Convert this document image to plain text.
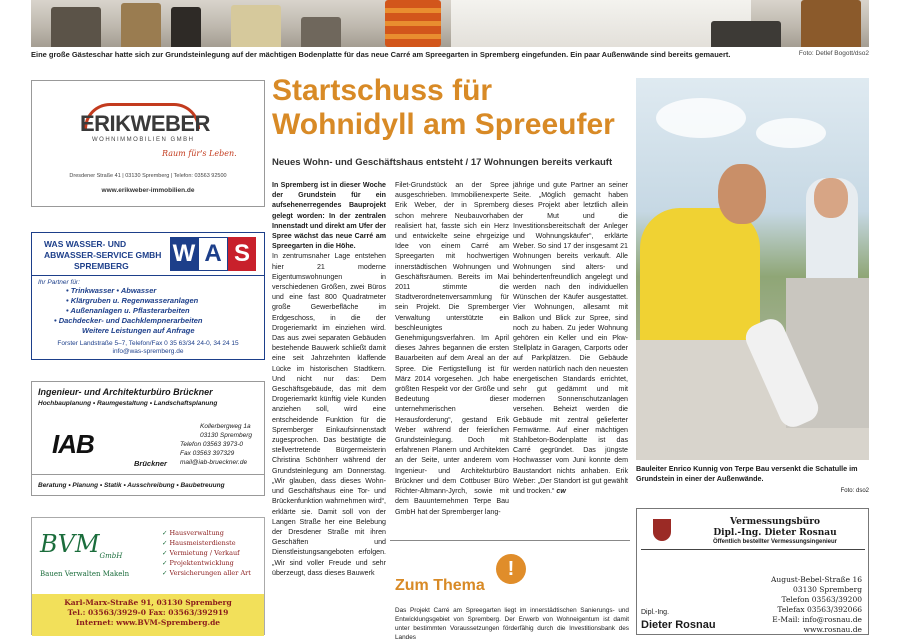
Eine große Gästeschar hatte sich zur Grundsteinlegung auf der mächtigen Bodenplatte für das neue Carré am Spreegarten in Spremberg eingefunden. Ein paar Außenwände sind bereits gemauert.	Foto: Detlef Bogott/dso2
ERIKWEBER
WOHNIMMOBILIEN GMBH
Raum für's Leben.
Dresdener Straße 41 | 03130 Spremberg | Telefon: 03563 92500
www.erikweber-immobilien.de
WAS WASSER- UND
ABWASSER-SERVICE GMBH
SPREMBERG	W A S
Ihr Partner für:
• Trinkwasser • Abwasser
• Klärgruben u. Regenwasseranlagen
• Außenanlagen u. Pflasterarbeiten
• Dachdecker- und Dachklempnerarbeiten
Weitere Leistungen auf Anfrage
Forster Landstraße 5–7, Telefon/Fax 0 35 63/34 24-0, 34 24 15
info@was-spremberg.de
Ingenieur- und Architekturbüro Brückner
Hochbauplanung • Raumgestaltung • Landschaftsplanung
IAB
Brückner
Kollerbergweg 1a
03130 Spremberg
Telefon 03563 3973-0
Fax 03563 397329
mail@iab-brueckner.de
Beratung • Planung • Statik • Ausschreibung • Baubetreuung
$BVM_{GmbH}$
Bauen Verwalten Makeln
✓ Hausverwaltung
✓ Hausmeisterdienste
✓ Vermietung / Verkauf
✓ Projektentwicklung
✓ Versicherungen aller Art
Karl-Marx-Straße 91, 03130 Spremberg
Tel.: 03563/3929-0 Fax: 03563/392919
Internet: www.BVM-Spremberg.de
Startschuss für
Wohnidyll am Spreeufer
Neues Wohn- und Geschäftshaus entsteht / 17 Wohnungen bereits verkauft

In Spremberg ist in dieser Woche der Grundstein für ein aufsehenerregendes Bauprojekt gelegt worden: In der zentralen Innenstadt und direkt am Ufer der Spree wächst das neue Carré am Spreegarten in die Höhe.

In zentrumsnaher Lage entstehen hier 21 moderne Eigentumswohnungen in verschiedenen Größen, zwei Büros und eine fast 800 Quadratmeter große Gewerbefläche im Erdgeschoss, in die der Drogeriemarkt im einziehen wird. Das aus zwei separaten Gebäuden bestehende Bauwerk schließt damit eine seit Jahrzehnten klaffende Lücke im historischen Stadtkern. Und nicht nur das: Dem Geschäftsgebäude, das mit dem Drogeriemarkt künftig viele Kunden anziehen soll, wird eine entscheidende Funktion für die Spremberger Einkaufsinnenstadt zugesprochen. Das bestätigte die stellvertretende Bürgermeisterin Christina Schönherr während der Grundsteinlegung am Donnerstag. „Wir glauben, dass dieses Wohn- und Geschäftshaus eine Tor- und Brückenfunktion wahrnehmen wird“, erklärte sie. Damit soll von der Langen Straße her eine Belebung der Dresdener Straße mit ihren Geschäften und Dienstleistungsangeboten erfolgen. „Wir sind voller Freude und sehr überzeugt, dass dieses Bauwerk

Filet-Grundstück an der Spree ausgeschrieben. Immobilienexperte Erik Weber, der in Spremberg schon mehrere Neubauvorhaben realisiert hat, fasste sich ein Herz und entwickelte seine ehrgeizige Idee von einem Carré am Spreegarten mit hochwertigen innerstädtischen Wohnungen und Geschäftsräumen. Bereits im Mai 2011 stimmte die Stadtverordnetenversammlung für sein Projekt. Die Spremberger Verwaltung unterstützte ein beschleunigtes Genehmigungsverfahren. Im April dieses Jahres begannen die ersten Bauarbeiten auf dem Areal an der Spree. Die Fertigstellung ist für März 2014 vorgesehen. „Ich habe größten Respekt vor der Größe und Bedeutung dieser unternehmerischen Herausforderung“, gestand Erik Weber während der feierlichen Grundsteinlegung. Doch mit erfahrenen Planern und Architekten an der Seite, unter anderem vom Ingenieur- und Architekturbüro Brückner und dem Cottbuser Büro Richter-Altmann-Jyrch, sowie mit dem Bauunternehmen Terpe Bau GmbH hat der Spremberger lang-

jährige und gute Partner an seiner Seite. „Möglich gemacht haben dieses Projekt aber letztlich allein der Mut und die Investitionsbereitschaft der Anleger und Wohnungskäufer“, erklärte Weber. So sind 17 der insgesamt 21 Wohnungen bereits verkauft. Alle Wohnungen sind alters- und behindertenfreundlich angelegt und werden nach den individuellen Wünschen der Käufer ausgestattet. Vier Wohnungen, allesamt mit Balkon und Blick zur Spree, sind noch zu haben. Zu jeder Wohnung gehören ein Keller und ein Pkw-Stellplatz in Garagen, Carports oder auf Parkplätzen. Die Gebäude werden natürlich nach den neuesten energetischen Standards errichtet, sehr gut gedämmt und mit modernen Sonnenschutzanlagen versehen. Beheizt werden die Gebäude mit zentral gelieferter Fernwärme. Auf einer mächtigen Stahlbeton-Bodenplatte ist das Carré gegründet. Das jüngste Hochwasser vom Juni konnte dem Baustandort nichts anhaben. Erik Weber: „Der Standort ist gut gewählt und trocken.“ cw

!
Zum Thema
Das Projekt Carré am Spreegarten liegt im innerstädtischen Sanierungs- und Entwicklungsgebiet von Spremberg. Der Erwerb von Wohneigentum ist damit unter bestimmten Voraussetzungen förderfähig durch die Investitionsbank des Landes
Bauleiter Enrico Kunnig von Terpe Bau versenkt die Schatulle im Grundstein in einer der Außenwände.
Foto: dso2
Vermessungsbüro
Dipl.-Ing. Dieter Rosnau
Öffentlich bestellter Vermessungsingenieur
August-Bebel-Straße 16
03130 Spremberg
Telefon 03563/39200
Telefax 03563/392066
E-Mail: info@rosnau.de
www.rosnau.de
Dipl.-Ing.
Dieter Rosnau
